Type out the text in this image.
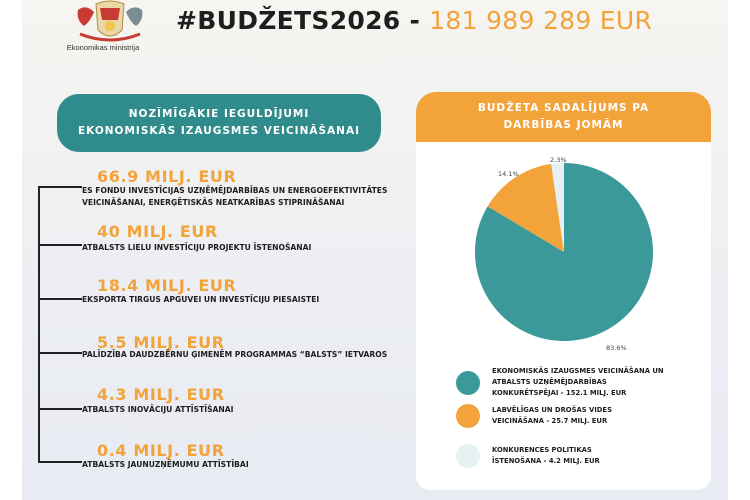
Ekonomikas ministrija
#BUDŽETS2026 - 181 989 289 EUR
NOZĪMĪGĀKIE IEGULDĪJUMI
EKONOMISKĀS IZAUGSMES VEICINĀŠANAI
66.9 MILJ. EUR
ES FONDU INVESTĪCIJAS UZŅĒMĒJDARBĪBAS UN ENERGOEFEKTIVITĀTES
VEICINĀŠANAI, ENERĢĒTISKĀS NEATKARĪBAS STIPRINĀŠANAI
40 MILJ. EUR
ATBALSTS LIELU INVESTĪCIJU PROJEKTU ĪSTENOŠANAI
18.4 MILJ. EUR
EKSPORTA TIRGUS APGUVEI UN INVESTĪCIJU PIESAISTEI
5.5 MILJ. EUR
PALĪDZĪBA DAUDZBĒRNU ĢIMENĒM PROGRAMMAS “BALSTS” IETVAROS
4.3 MILJ. EUR
ATBALSTS INOVĀCIJU ATTĪSTĪŠANAI
0.4 MILJ. EUR
ATBALSTS JAUNUZŅĒMUMU ATTĪSTĪBAI
BUDŽETA SADALĪJUMS PA
DARBĪBAS JOMĀM
2.3%
14.1%
83.6%
EKONOMISKĀS IZAUGSMES VEICINĀŠANA UN
ATBALSTS UZŅĒMĒJDARBĪBAS
KONKURĒTSPĒJAI - 152.1 MILJ. EUR
LABVĒLĪGAS UN DROŠAS VIDES
VEICINĀŠANA - 25.7 MILJ. EUR
KONKURENCES POLITIKAS
ĪSTENOŠANA - 4.2 MILJ. EUR
